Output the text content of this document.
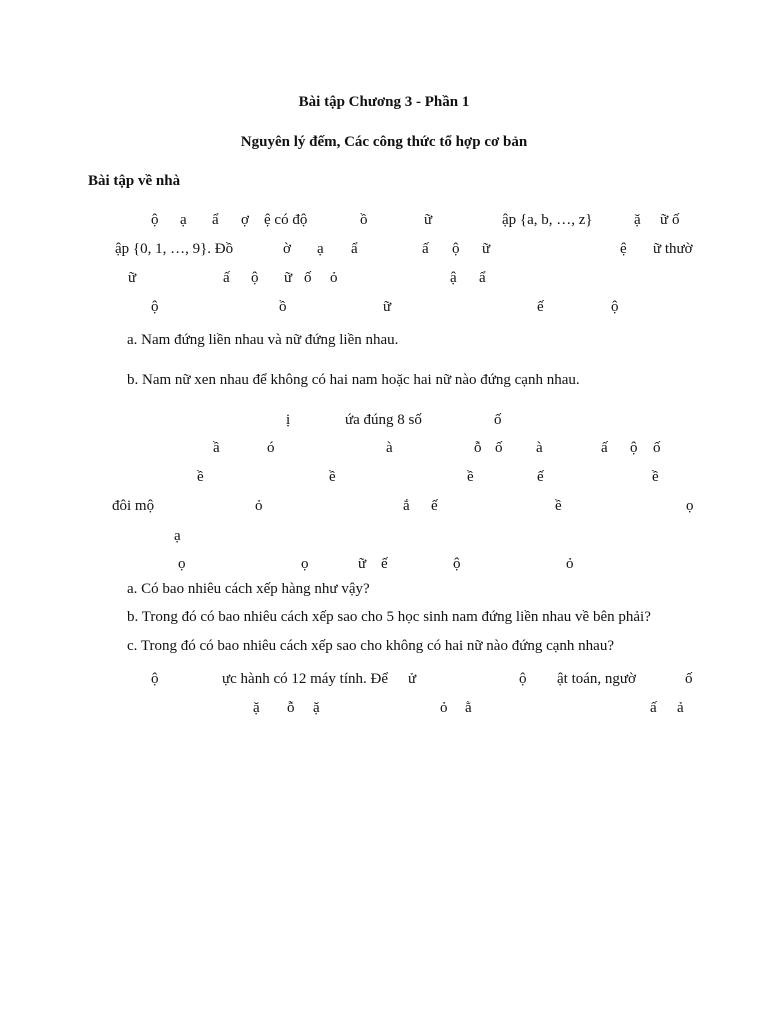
Bài tập Chương 3 - Phần 1
Nguyên lý đếm, Các công thức tổ hợp cơ bản
Bài tập về nhà
ộ ạ ẩ ợ ệ có độ	ồ	ữ	ập {a, b, …, z}	ặ ữ ố
ập {0, 1, …, 9}. Đồ	ờ ạ ẩ	ấ ộ ữ	ệ ữ thườ
ữ	ấ ộ ữ ố ỏ	ậ ẩ
ộ	ồ	ữ	ế	ộ
a. Nam đứng liền nhau và nữ đứng liền nhau.
b. Nam nữ xen nhau để không có hai nam hoặc hai nữ nào đứng cạnh nhau.
ị	ứa đúng 8 số	ố
ầ	ó	à	ỗ ố à	ấ ộ ố
ề	ề	ề	ế	ề
đôi mộ	ỏ	ắ ế	ề	ọ
ạ
ọ	ọ	ữ ế	ộ	ỏ
a. Có bao nhiêu cách xếp hàng như vậy?
b. Trong đó có bao nhiêu cách xếp sao cho 5 học sinh nam đứng liền nhau về bên phải?
c. Trong đó có bao nhiêu cách xếp sao cho không có hai nữ nào đứng cạnh nhau?
ộ	ực hành có 12 máy tính. Để ử	ộ ật toán, ngườ	ố
ặ ỗ ặ	ỏ ằ	ấ ả
